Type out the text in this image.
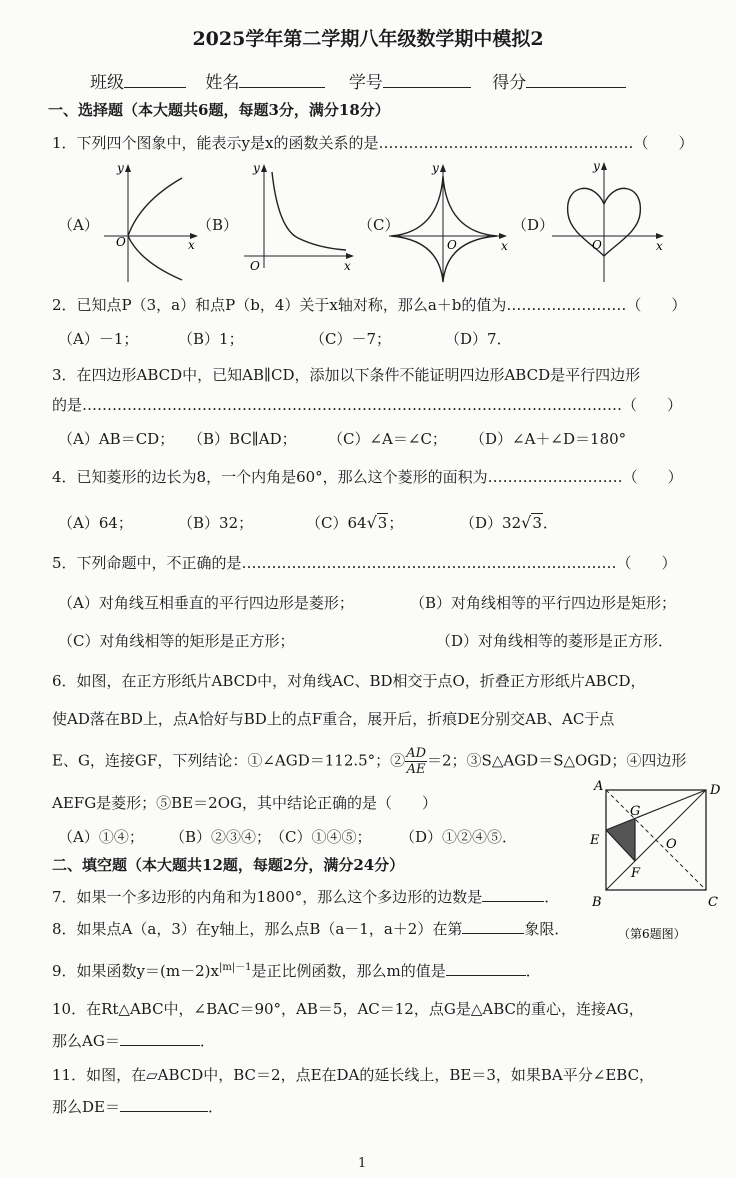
2025学年第二学期八年级数学期中模拟2
班级	姓名	学号	得分
一、选择题（本大题共6题，每题3分，满分18分）
1．下列四个图象中，能表示y是x的函数关系的是……………………………………………（　　）
（A）	（B）	（C）	（D）
y
x
O
y
x
O
y
x
O
y
x
O
2．已知点P（3，a）和点P（b，4）关于x轴对称，那么a＋b的值为……………………（　　）
（A）－1；	（B）1；	（C）－7；	（D）7．
3．在四边形ABCD中，已知AB∥CD，添加以下条件不能证明四边形ABCD是平行四边形
的是………………………………………………………………………………………………（　　）
（A）AB＝CD； （B）BC∥AD； （C）∠A＝∠C； （D）∠A＋∠D＝180°
4．已知菱形的边长为8，一个内角是60°，那么这个菱形的面积为………………………（　　）
（A）64；	（B）32；	（C）64√3；	（D）32√3．
5．下列命题中，不正确的是…………………………………………………………………（　　）
（A）对角线互相垂直的平行四边形是菱形；	（B）对角线相等的平行四边形是矩形；
（C）对角线相等的矩形是正方形；	（D）对角线相等的菱形是正方形．
6．如图，在正方形纸片ABCD中，对角线AC、BD相交于点O，折叠正方形纸片ABCD，
使AD落在BD上，点A恰好与BD上的点F重合，展开后，折痕DE分别交AB、AC于点
E、G，连接GF，下列结论：①∠AGD＝112.5°；② $\frac{AD}{AE} =2$；③S△AGD＝S△OGD；④四边形
AEFG是菱形；⑤BE＝2OG，其中结论正确的是（　　）
（A）①④； （B）②③④；
（C）①④⑤； （D）①②④⑤．
A	D
B	C
E
G
O
F
（第6题图）
二、填空题（本大题共12题，每题2分，满分24分）
7．如果一个多边形的内角和为1800°，那么这个多边形的边数是	．
8．如果点A（a，3）在y轴上，那么点B（a－1，a＋2）在第	象限．
9．如果函数$y=(m-2)x^{|m|-1}$是正比例函数，那么m的值是	．
10．在Rt△ABC中，∠BAC＝90°，AB＝5，AC＝12，点G是△ABC的重心，连接AG，
那么AG＝	．
11．如图，在▱ABCD中，BC＝2，点E在DA的延长线上，BE＝3，如果BA平分∠EBC，
那么DE＝	．
1
